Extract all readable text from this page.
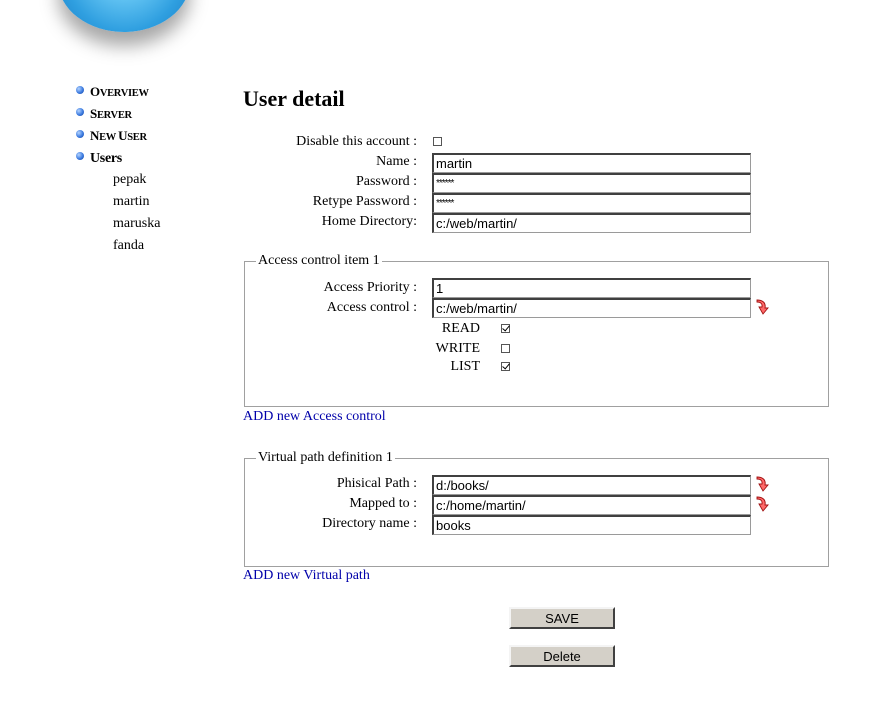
OVERVIEW
SERVER
NEW USER
Users
pepak
martin
maruska
fanda
User detail
Disable this account :
Name :
martin
Password :
******
Retype Password :
******
Home Directory:
c:/web/martin/
Access control item 1
Access Priority :
1
Access control :
c:/web/martin/
READ
WRITE
LIST
ADD new Access control
Virtual path definition 1
Phisical Path :
d:/books/
Mapped to :
c:/home/martin/
Directory name :
books
ADD new Virtual path
SAVE
Delete
